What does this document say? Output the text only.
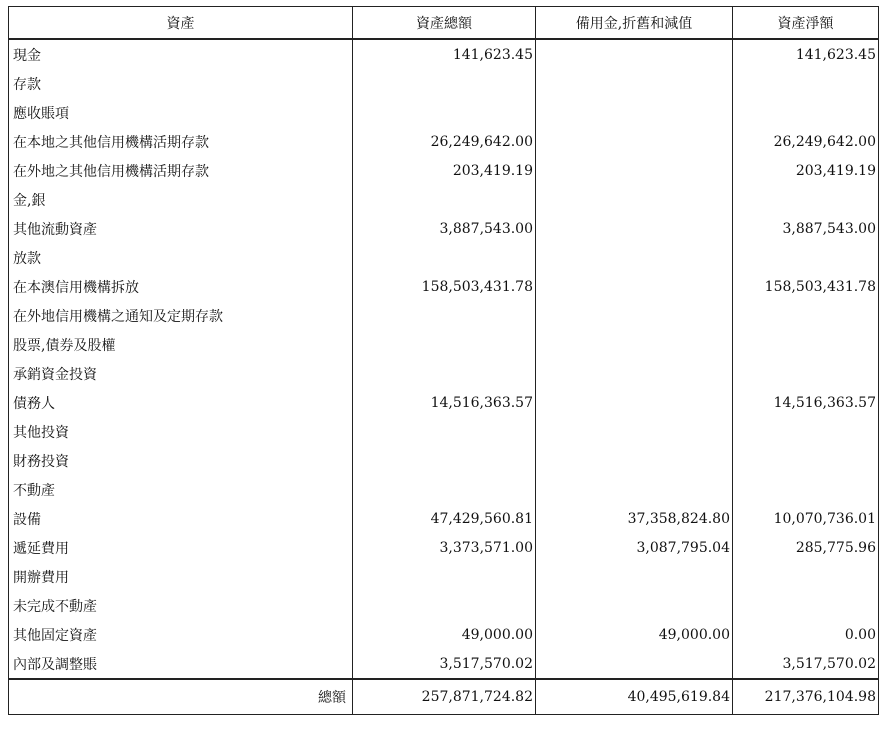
資產	資產總額	備用金,折舊和減值	資產淨額
現金	141,623.45		141,623.45
存款			
應收賬項			
在本地之其他信用機構活期存款	26,249,642.00		26,249,642.00
在外地之其他信用機構活期存款	203,419.19		203,419.19
金,銀			
其他流動資產	3,887,543.00		3,887,543.00
放款			
在本澳信用機構拆放	158,503,431.78		158,503,431.78
在外地信用機構之通知及定期存款			
股票,債券及股權			
承銷資金投資			
債務人	14,516,363.57		14,516,363.57
其他投資			
財務投資			
不動產			
設備	47,429,560.81	37,358,824.80	10,070,736.01
遞延費用	3,373,571.00	3,087,795.04	285,775.96
開辦費用			
未完成不動產			
其他固定資產	49,000.00	49,000.00	0.00
內部及調整賬	3,517,570.02		3,517,570.02
總額	257,871,724.82	40,495,619.84	217,376,104.98
